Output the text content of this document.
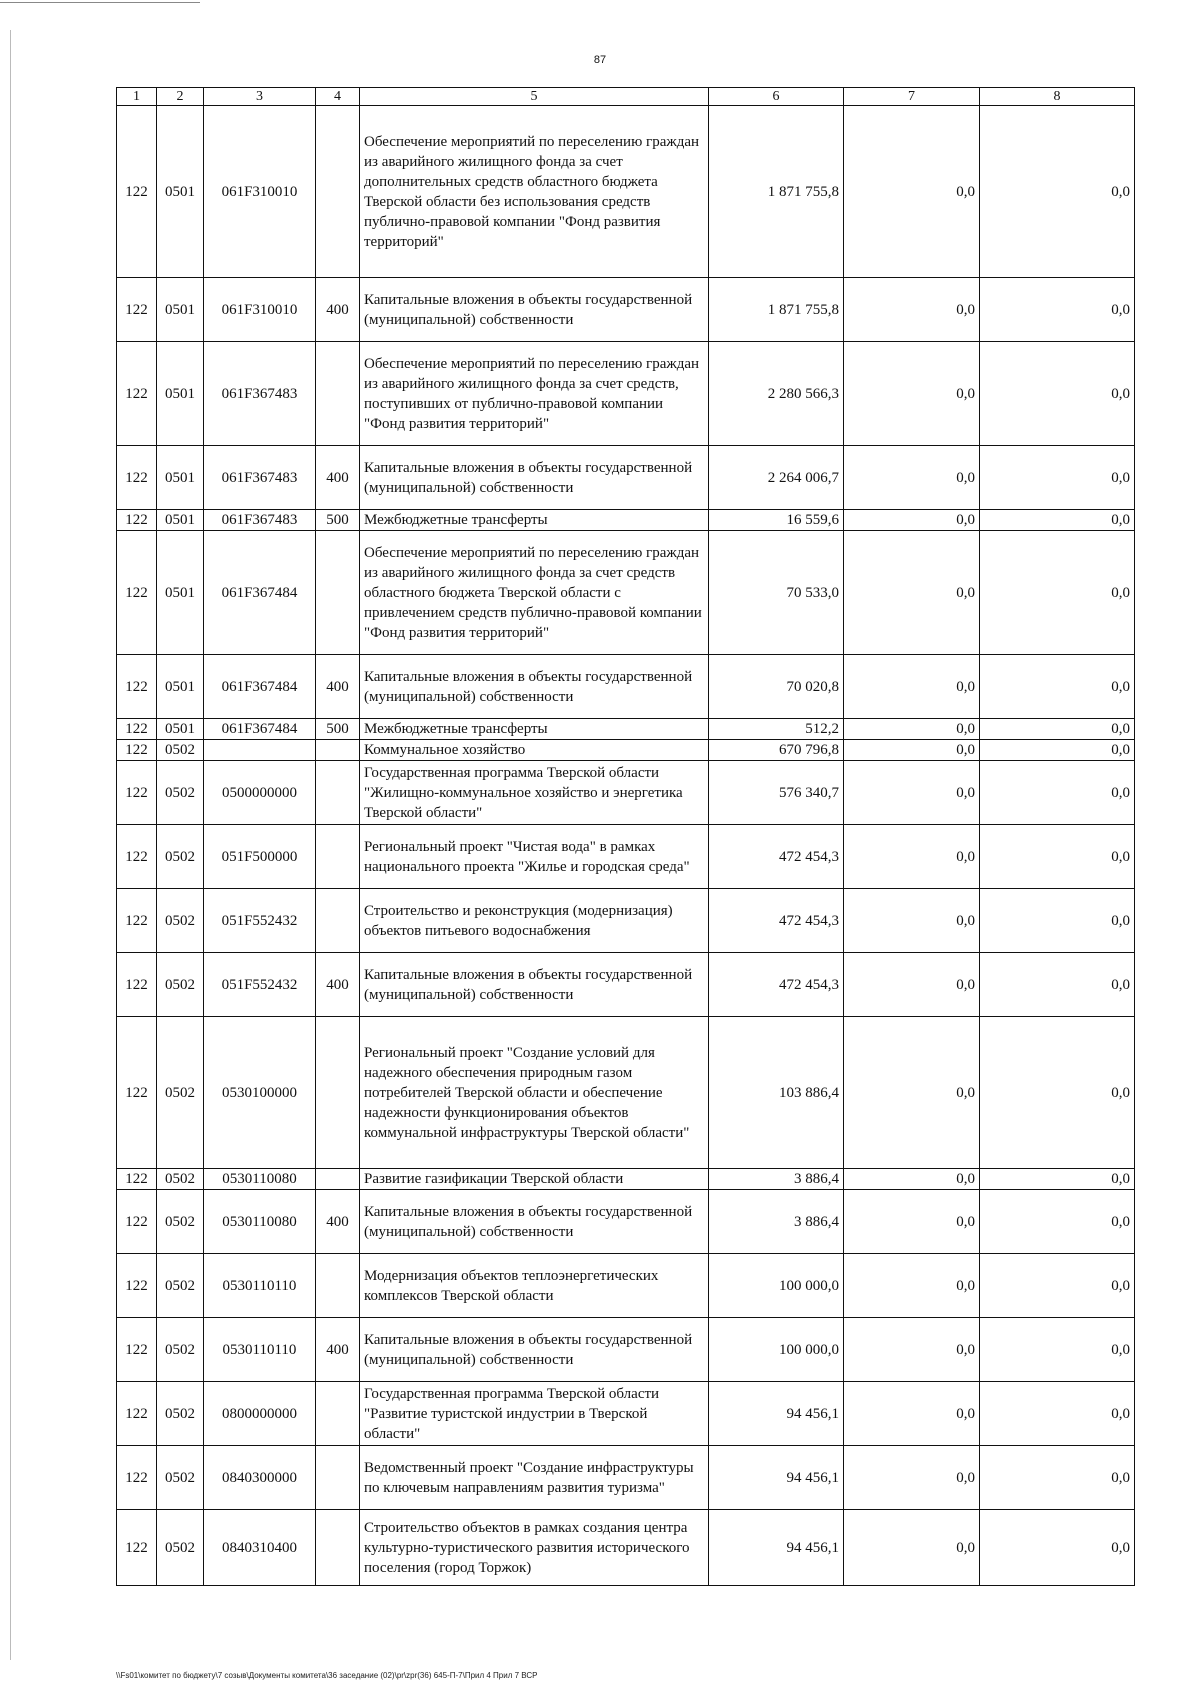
87
1	2	3	4	5	6	7	8
122	0501	061F310010		Обеспечение мероприятий по переселению граждан из аварийного жилищного фонда за счет дополнительных средств областного бюджета Тверской области без использования средств публично-правовой компании "Фонд развития территорий"	1 871 755,8	0,0	0,0
122	0501	061F310010	400	Капитальные вложения в объекты государственной (муниципальной) собственности	1 871 755,8	0,0	0,0
122	0501	061F367483		Обеспечение мероприятий по переселению граждан из аварийного жилищного фонда за счет средств, поступивших от публично-правовой компании "Фонд развития территорий"	2 280 566,3	0,0	0,0
122	0501	061F367483	400	Капитальные вложения в объекты государственной (муниципальной) собственности	2 264 006,7	0,0	0,0
122	0501	061F367483	500	Межбюджетные трансферты	16 559,6	0,0	0,0
122	0501	061F367484		Обеспечение мероприятий по переселению граждан из аварийного жилищного фонда за счет средств областного бюджета Тверской области с привлечением средств публично-правовой компании "Фонд развития территорий"	70 533,0	0,0	0,0
122	0501	061F367484	400	Капитальные вложения в объекты государственной (муниципальной) собственности	70 020,8	0,0	0,0
122	0501	061F367484	500	Межбюджетные трансферты	512,2	0,0	0,0
122	0502			Коммунальное хозяйство	670 796,8	0,0	0,0
122	0502	0500000000		Государственная программа Тверской области "Жилищно-коммунальное хозяйство и энергетика Тверской области"	576 340,7	0,0	0,0
122	0502	051F500000		Региональный проект "Чистая вода" в рамках национального проекта "Жилье и городская среда"	472 454,3	0,0	0,0
122	0502	051F552432		Строительство и реконструкция (модернизация) объектов питьевого водоснабжения	472 454,3	0,0	0,0
122	0502	051F552432	400	Капитальные вложения в объекты государственной (муниципальной) собственности	472 454,3	0,0	0,0
122	0502	0530100000		Региональный проект "Создание условий для надежного обеспечения природным газом потребителей Тверской области и обеспечение надежности функционирования объектов коммунальной инфраструктуры Тверской области"	103 886,4	0,0	0,0
122	0502	0530110080		Развитие газификации Тверской области	3 886,4	0,0	0,0
122	0502	0530110080	400	Капитальные вложения в объекты государственной (муниципальной) собственности	3 886,4	0,0	0,0
122	0502	0530110110		Модернизация объектов теплоэнергетических комплексов Тверской области	100 000,0	0,0	0,0
122	0502	0530110110	400	Капитальные вложения в объекты государственной (муниципальной) собственности	100 000,0	0,0	0,0
122	0502	0800000000		Государственная программа Тверской области "Развитие туристской индустрии в Тверской области"	94 456,1	0,0	0,0
122	0502	0840300000		Ведомственный проект "Создание инфраструктуры по ключевым направлениям развития туризма"	94 456,1	0,0	0,0
122	0502	0840310400		Строительство объектов в рамках создания центра культурно-туристического развития исторического поселения (город Торжок)	94 456,1	0,0	0,0
\\Fs01\комитет по бюджету\7 созыв\Документы комитета\36 заседание (02)\pr\zpr(36) 645-П-7\Прил 4 Прил 7 ВСР
